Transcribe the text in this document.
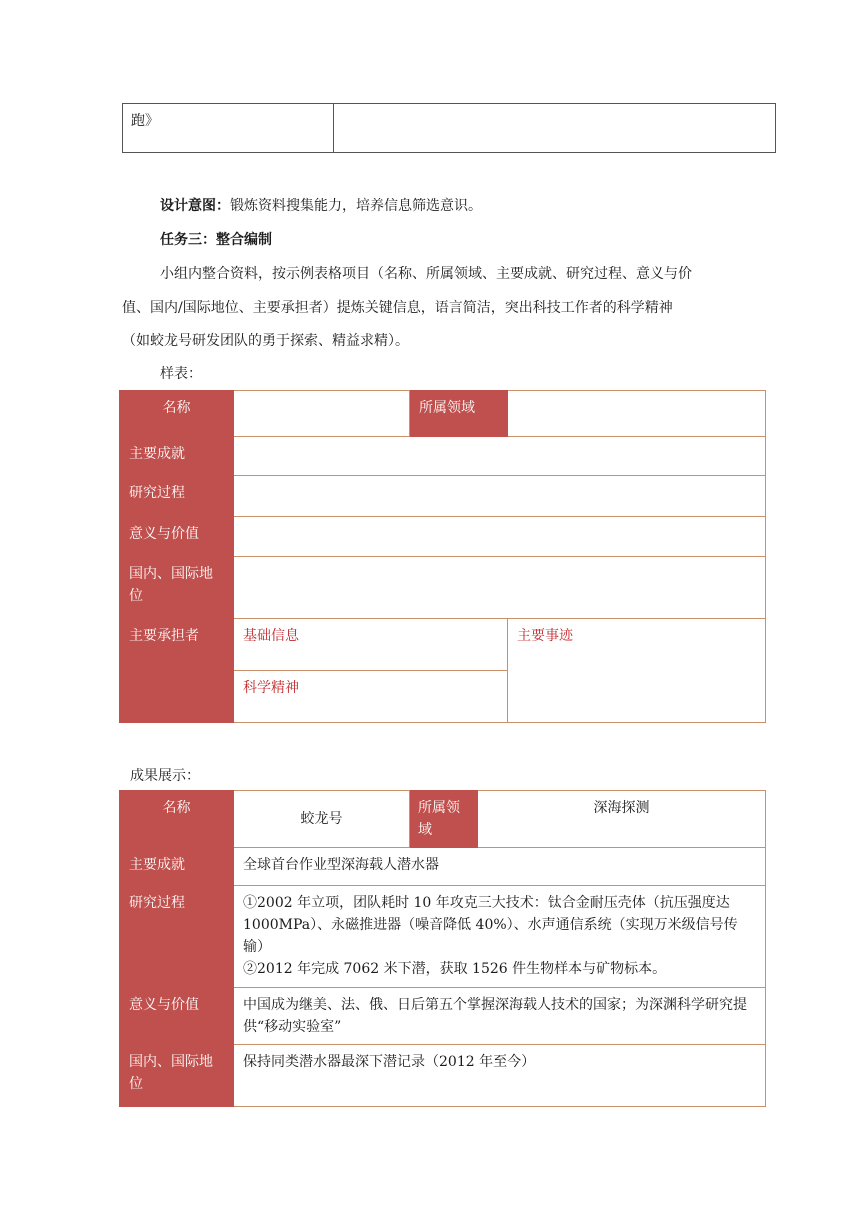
跑》	
设计意图：锻炼资料搜集能力，培养信息筛选意识。
任务三：整合编制
小组内整合资料，按示例表格项目（名称、所属领域、主要成就、研究过程、意义与价
值、国内/国际地位、主要承担者）提炼关键信息，语言简洁，突出科技工作者的科学精神
（如蛟龙号研发团队的勇于探索、精益求精）。
样表：
名称		所属领域	
主要成就			
研究过程			
意义与价值			
国内、国际地位			
主要承担者	基础信息		主要事迹
	科学精神		
成果展示：
名称	蛟龙号	所属领域	深海探测
主要成就	全球首台作业型深海载人潜水器		
研究过程	①2002 年立项，团队耗时 10 年攻克三大技术：钛合金耐压壳体（抗压强度达 1000MPa）、永磁推进器（噪音降低 40%）、水声通信系统（实现万米级信号传输）
②2012 年完成 7062 米下潜，获取 1526 件生物样本与矿物标本。		

意义与价值	中国成为继美、法、俄、日后第五个掌握深海载人技术的国家；为深渊科学研究提供“移动实验室”		
国内、国际地位	保持同类潜水器最深下潜记录（2012 年至今）		
